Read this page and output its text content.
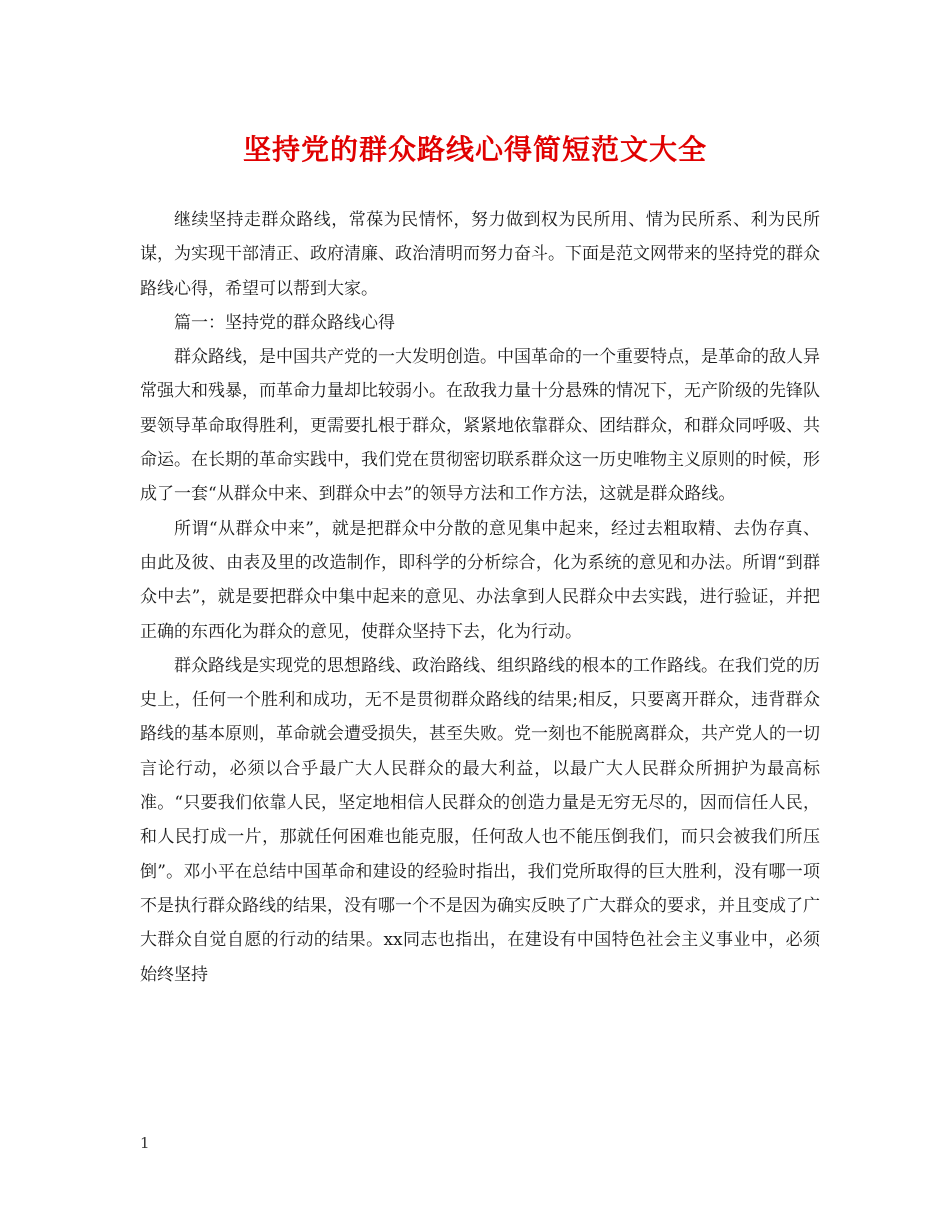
坚持党的群众路线心得简短范文大全

继续坚持走群众路线，常葆为民情怀，努力做到权为民所用、情为民所系、利为民所谋，为实现干部清正、政府清廉、政治清明而努力奋斗。下面是范文网带来的坚持党的群众路线心得，希望可以帮到大家。

篇一：坚持党的群众路线心得

群众路线，是中国共产党的一大发明创造。中国革命的一个重要特点，是革命的敌人异常强大和残暴，而革命力量却比较弱小。在敌我力量十分悬殊的情况下，无产阶级的先锋队要领导革命取得胜利，更需要扎根于群众，紧紧地依靠群众、团结群众，和群众同呼吸、共命运。在长期的革命实践中，我们党在贯彻密切联系群众这一历史唯物主义原则的时候，形成了一套“从群众中来、到群众中去”的领导方法和工作方法，这就是群众路线。

所谓“从群众中来”，就是把群众中分散的意见集中起来，经过去粗取精、去伪存真、由此及彼、由表及里的改造制作，即科学的分析综合，化为系统的意见和办法。所谓“到群众中去”，就是要把群众中集中起来的意见、办法拿到人民群众中去实践，进行验证，并把正确的东西化为群众的意见，使群众坚持下去，化为行动。

群众路线是实现党的思想路线、政治路线、组织路线的根本的工作路线。在我们党的历史上，任何一个胜利和成功，无不是贯彻群众路线的结果;相反，只要离开群众，违背群众路线的基本原则，革命就会遭受损失，甚至失败。党一刻也不能脱离群众，共产党人的一切言论行动，必须以合乎最广大人民群众的最大利益，以最广大人民群众所拥护为最高标准。“只要我们依靠人民，坚定地相信人民群众的创造力量是无穷无尽的，因而信任人民，和人民打成一片，那就任何困难也能克服，任何敌人也不能压倒我们，而只会被我们所压倒”。邓小平在总结中国革命和建设的经验时指出，我们党所取得的巨大胜利，没有哪一项不是执行群众路线的结果，没有哪一个不是因为确实反映了广大群众的要求，并且变成了广大群众自觉自愿的行动的结果。xx同志也指出，在建设有中国特色社会主义事业中，必须始终坚持

1
